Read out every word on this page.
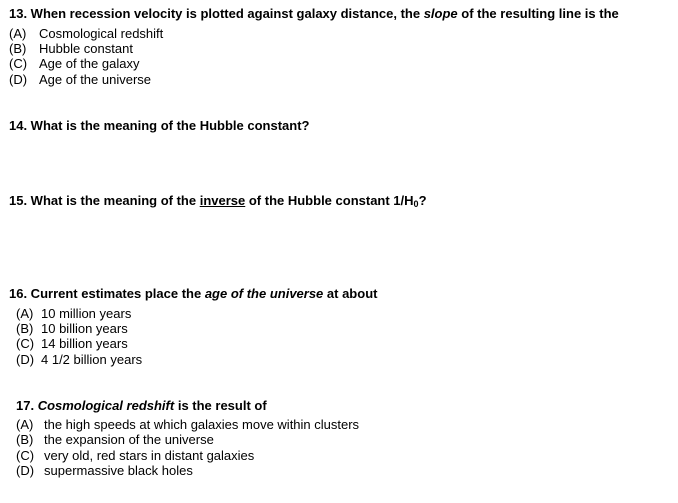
13. When recession velocity is plotted against galaxy distance, the slope of the resulting line is the
(A) Cosmological redshift
(B) Hubble constant
(C) Age of the galaxy
(D) Age of the universe
14. What is the meaning of the Hubble constant?
15. What is the meaning of the inverse of the Hubble constant $1/H_0$?
16. Current estimates place the age of the universe at about
(A) 10 million years
(B) 10 billion years
(C) 14 billion years
(D) 4 1/2 billion years
17. Cosmological redshift is the result of
(A) the high speeds at which galaxies move within clusters
(B) the expansion of the universe
(C) very old, red stars in distant galaxies
(D) supermassive black holes
